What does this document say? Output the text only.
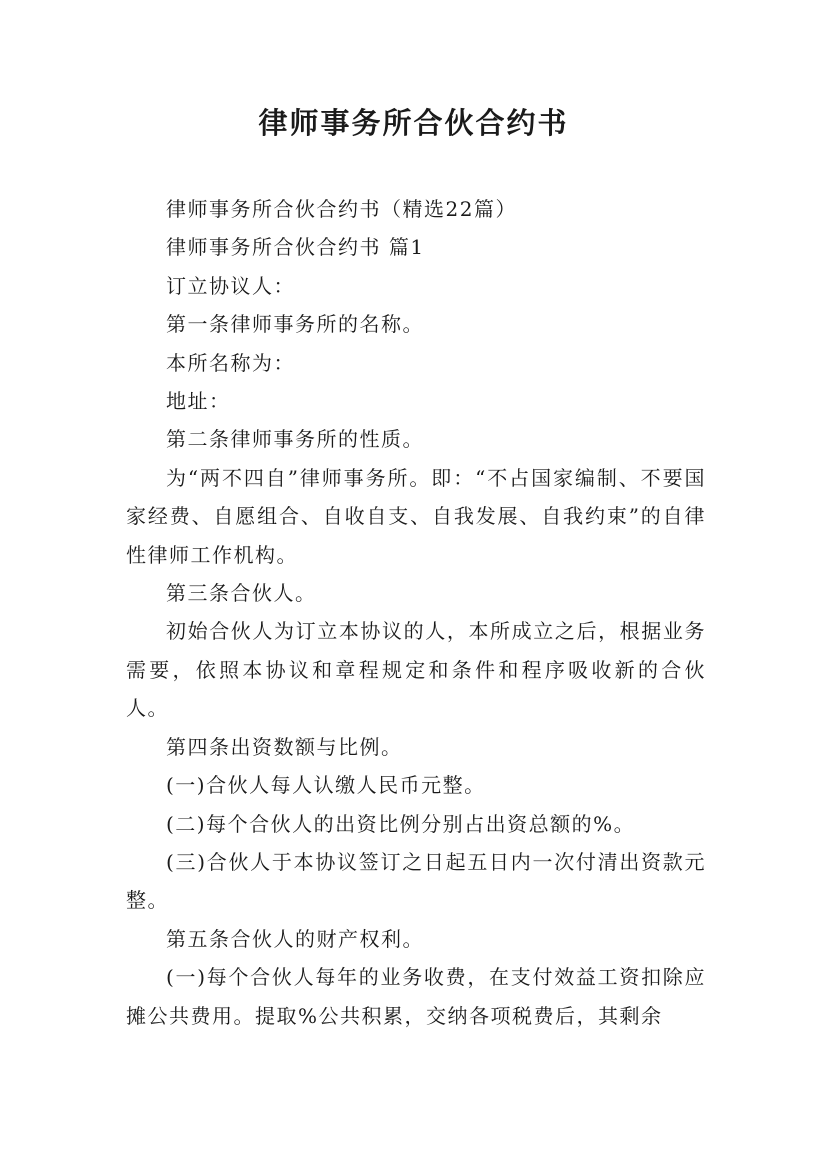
律师事务所合伙合约书

律师事务所合伙合约书（精选22篇）

律师事务所合伙合约书 篇1

订立协议人：

第一条律师事务所的名称。

本所名称为：

地址：

第二条律师事务所的性质。

为“两不四自”律师事务所。即：“不占国家编制、不要国家经费、自愿组合、自收自支、自我发展、自我约束”的自律性律师工作机构。

第三条合伙人。

初始合伙人为订立本协议的人，本所成立之后，根据业务需要，依照本协议和章程规定和条件和程序吸收新的合伙人。

第四条出资数额与比例。

(一)合伙人每人认缴人民币元整。

(二)每个合伙人的出资比例分别占出资总额的%。

(三)合伙人于本协议签订之日起五日内一次付清出资款元整。

第五条合伙人的财产权利。

(一)每个合伙人每年的业务收费，在支付效益工资扣除应摊公共费用。提取%公共积累，交纳各项税费后，其剩余
